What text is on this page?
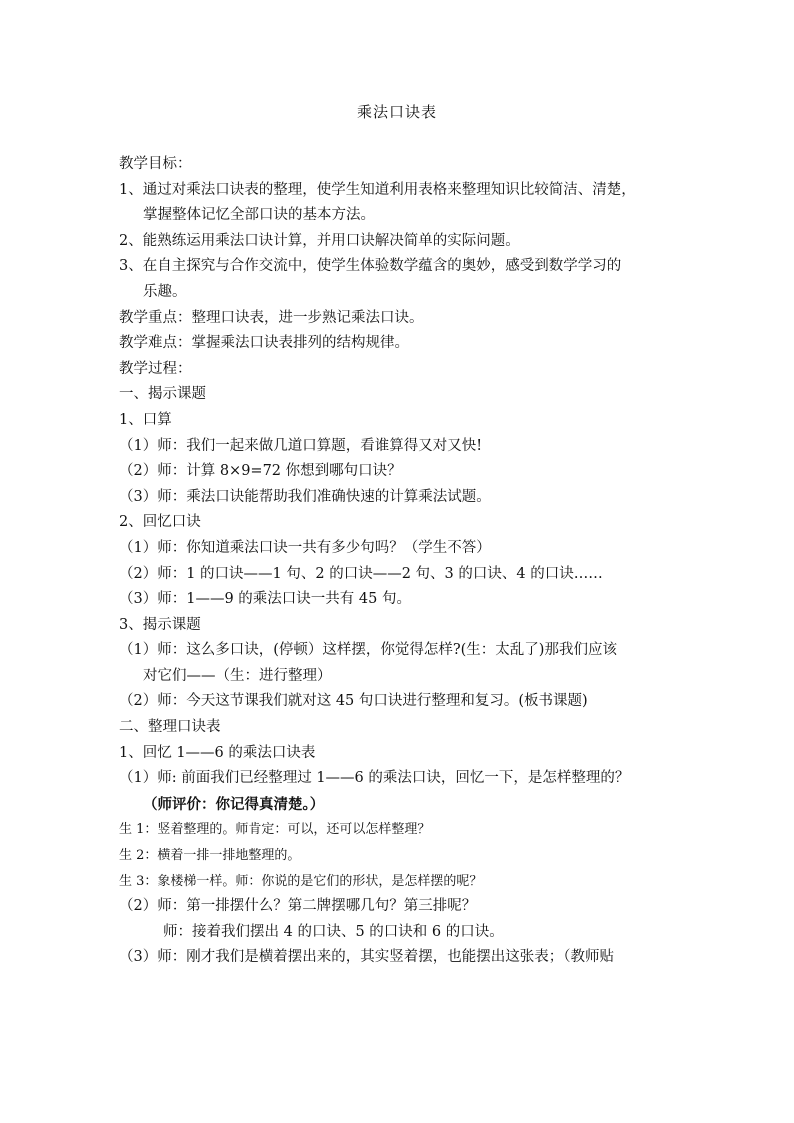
乘法口诀表
教学目标：
1、通过对乘法口诀表的整理，使学生知道利用表格来整理知识比较简洁、清楚，
掌握整体记忆全部口诀的基本方法。
2、能熟练运用乘法口诀计算，并用口诀解决简单的实际问题。
3、在自主探究与合作交流中，使学生体验数学蕴含的奥妙，感受到数学学习的
乐趣。
教学重点：整理口诀表，进一步熟记乘法口诀。
教学难点：掌握乘法口诀表排列的结构规律。
教学过程：
一、揭示课题
1、口算
（1）师：我们一起来做几道口算题，看谁算得又对又快!
（2）师：计算 8×9=72 你想到哪句口诀？
（3）师：乘法口诀能帮助我们准确快速的计算乘法试题。
2、回忆口诀
（1）师：你知道乘法口诀一共有多少句吗？（学生不答）
（2）师：1 的口诀——1 句、2 的口诀——2 句、3 的口诀、4 的口诀……
（3）师：1——9 的乘法口诀一共有 45 句。
3、揭示课题
（1）师：这么多口诀，(停顿）这样摆，你觉得怎样?(生：太乱了)那我们应该
对它们——（生：进行整理）
（2）师：今天这节课我们就对这 45 句口诀进行整理和复习。(板书课题)
二、整理口诀表
1、回忆 1——6 的乘法口诀表
（1）师: 前面我们已经整理过 1——6 的乘法口诀，回忆一下，是怎样整理的？
（师评价：你记得真清楚。）
生 1：竖着整理的。师肯定：可以，还可以怎样整理？
生 2：横着一排一排地整理的。
生 3：象楼梯一样。师：你说的是它们的形状，是怎样摆的呢？
（2）师：第一排摆什么？第二牌摆哪几句？第三排呢？
师：接着我们摆出 4 的口诀、5 的口诀和 6 的口诀。
（3）师：刚才我们是横着摆出来的，其实竖着摆，也能摆出这张表；（教师贴
